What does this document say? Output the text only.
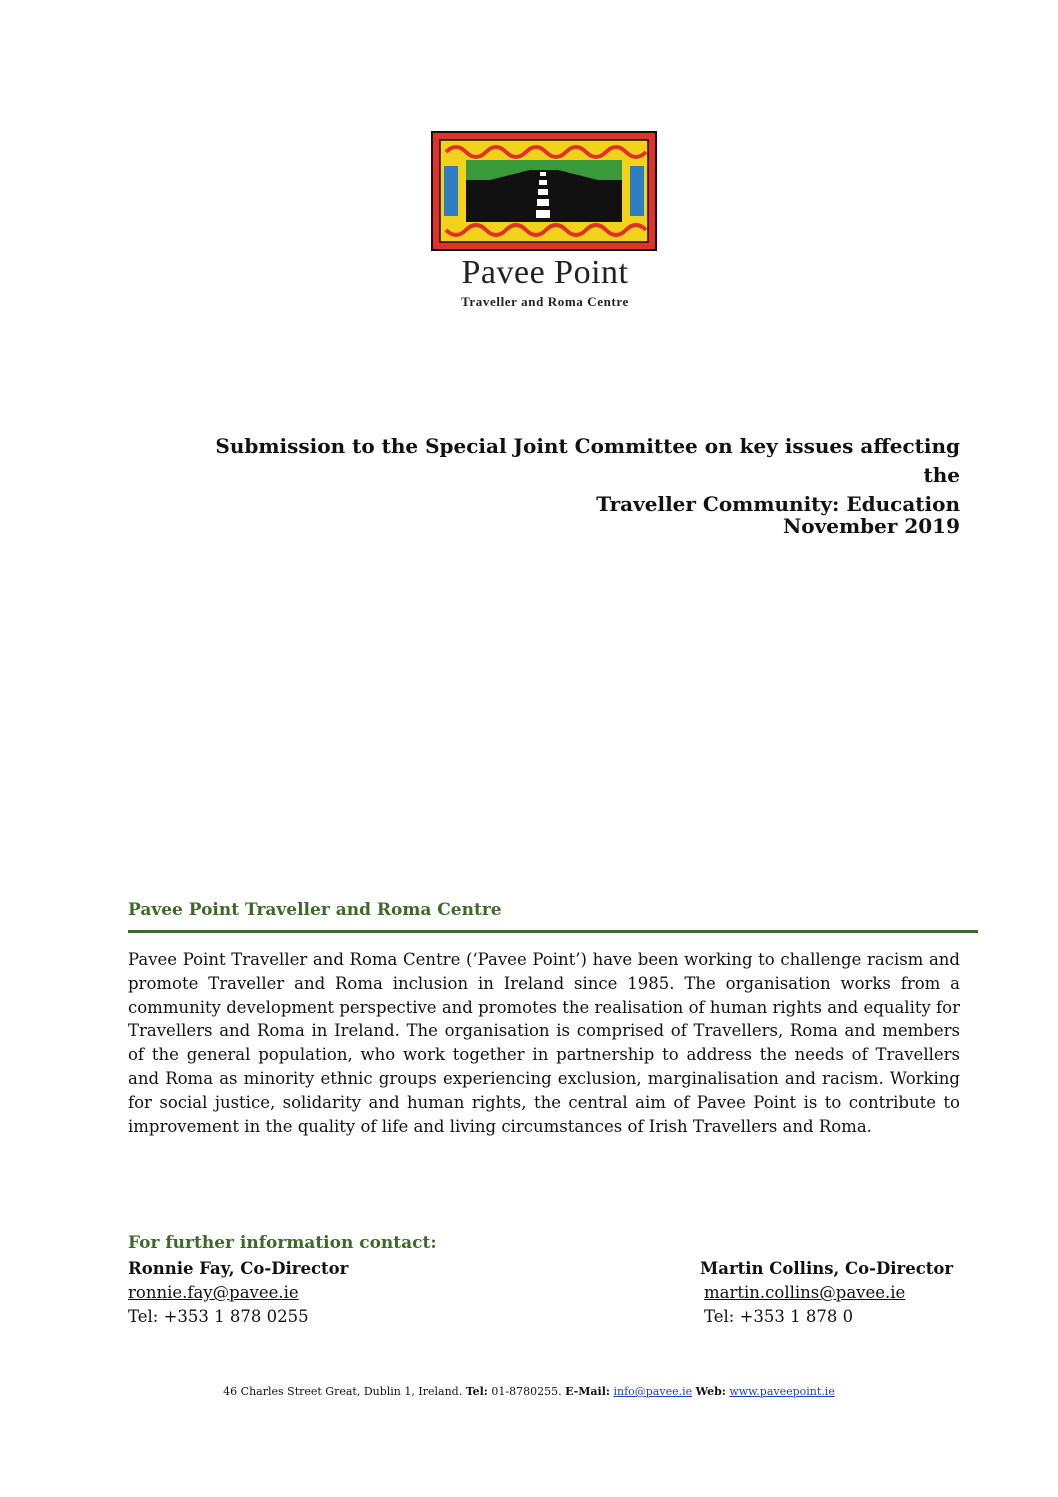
Pavee Point
Traveller and Roma Centre
Submission to the Special Joint Committee on key issues affecting the
Traveller Community: Education
November 2019
Pavee Point Traveller and Roma Centre
Pavee Point Traveller and Roma Centre (‘Pavee Point’) have been working to challenge racism and promote Traveller and Roma inclusion in Ireland since 1985. The organisation works from a community development perspective and promotes the realisation of human rights and equality for Travellers and Roma in Ireland. The organisation is comprised of Travellers, Roma and members of the general population, who work together in partnership to address the needs of Travellers and Roma as minority ethnic groups experiencing exclusion, marginalisation and racism. Working for social justice, solidarity and human rights, the central aim of Pavee Point is to contribute to improvement in the quality of life and living circumstances of Irish Travellers and Roma.
For further information contact:
Ronnie Fay, Co-Director
ronnie.fay@pavee.ie
Tel: +353 1 878 0255
Martin Collins, Co-Director
martin.collins@pavee.ie
Tel: +353 1 878 0
46 Charles Street Great, Dublin 1, Ireland. Tel: 01-8780255. E-Mail: info@pavee.ie Web: www.paveepoint.ie
